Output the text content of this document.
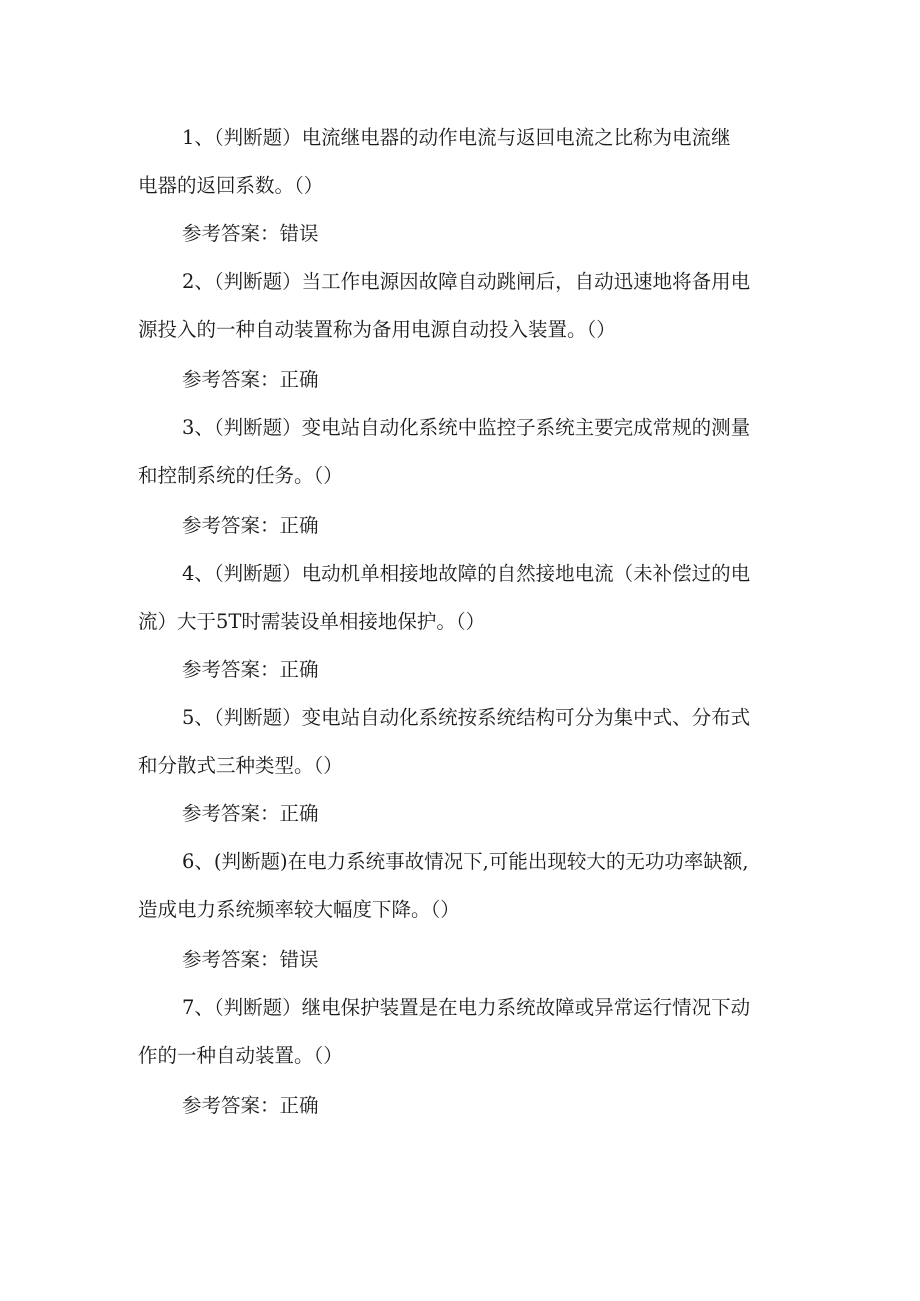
1、（判断题）电流继电器的动作电流与返回电流之比称为电流继

电器的返回系数。（）

参考答案：错误

2、（判断题）当工作电源因故障自动跳闸后，自动迅速地将备用电

源投入的一种自动装置称为备用电源自动投入装置。（）

参考答案：正确

3、（判断题）变电站自动化系统中监控子系统主要完成常规的测量

和控制系统的任务。（）

参考答案：正确

4、（判断题）电动机单相接地故障的自然接地电流（未补偿过的电

流）大于5T时需装设单相接地保护。（）

参考答案：正确

5、（判断题）变电站自动化系统按系统结构可分为集中式、分布式

和分散式三种类型。（）

参考答案：正确

6、(判断题)在电力系统事故情况下,可能出现较大的无功功率缺额,

造成电力系统频率较大幅度下降。（）

参考答案：错误

7、（判断题）继电保护装置是在电力系统故障或异常运行情况下动

作的一种自动装置。（）

参考答案：正确
